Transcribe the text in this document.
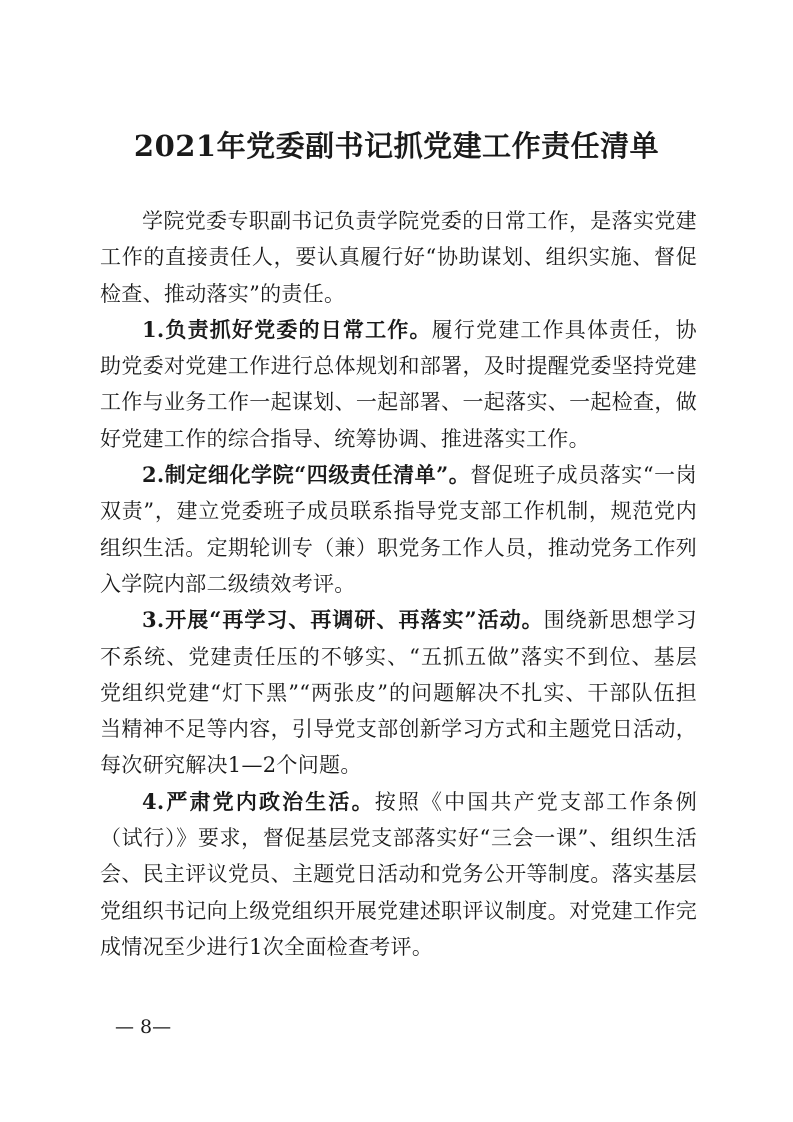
2021年党委副书记抓党建工作责任清单

学院党委专职副书记负责学院党委的日常工作，是落实党建工作的直接责任人，要认真履行好“协助谋划、组织实施、督促检查、推动落实”的责任。

1.负责抓好党委的日常工作。履行党建工作具体责任，协助党委对党建工作进行总体规划和部署，及时提醒党委坚持党建工作与业务工作一起谋划、一起部署、一起落实、一起检查，做好党建工作的综合指导、统筹协调、推进落实工作。

2.制定细化学院“四级责任清单”。督促班子成员落实“一岗双责”，建立党委班子成员联系指导党支部工作机制，规范党内组织生活。定期轮训专（兼）职党务工作人员，推动党务工作列入学院内部二级绩效考评。

3.开展“再学习、再调研、再落实”活动。围绕新思想学习不系统、党建责任压的不够实、“五抓五做”落实不到位、基层党组织党建“灯下黑”“两张皮”的问题解决不扎实、干部队伍担当精神不足等内容，引导党支部创新学习方式和主题党日活动，每次研究解决1—2个问题。

4.严肃党内政治生活。按照《中国共产党支部工作条例（试行）》要求，督促基层党支部落实好“三会一课”、组织生活会、民主评议党员、主题党日活动和党务公开等制度。落实基层党组织书记向上级党组织开展党建述职评议制度。对党建工作完成情况至少进行1次全面检查考评。

— 8—
